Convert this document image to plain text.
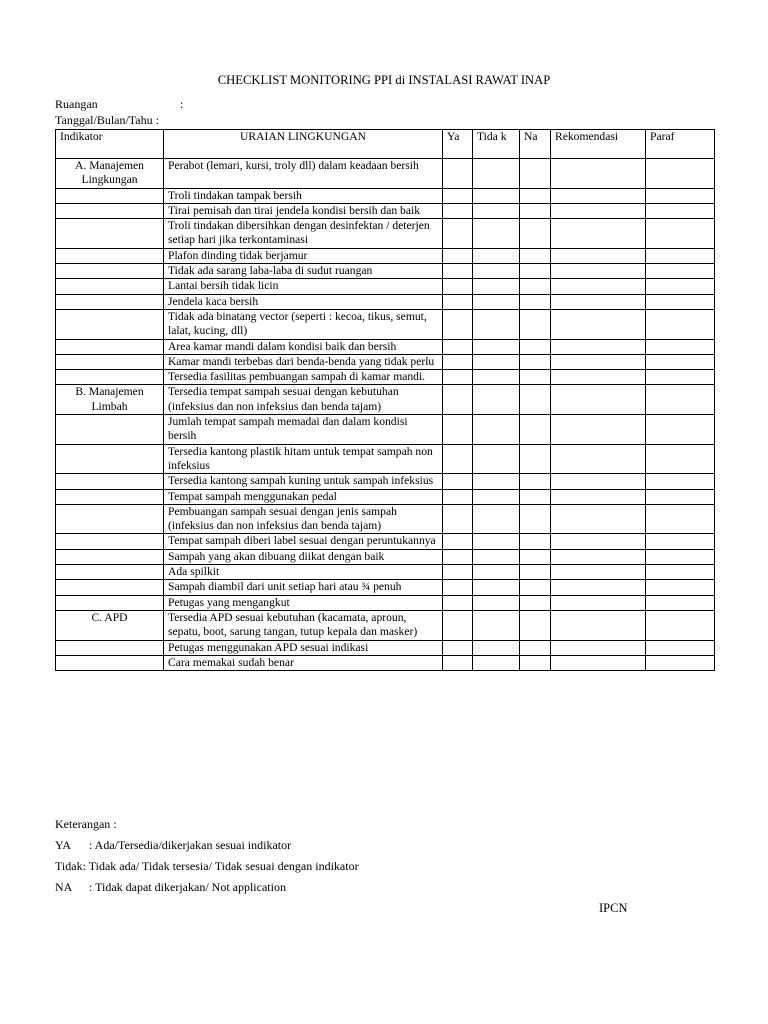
CHECKLIST MONITORING PPI di INSTALASI RAWAT INAP
Ruangan	:
Tanggal/Bulan/Tahu :
Indikator	URAIAN LINGKUNGAN	Ya	Tida k	Na	Rekomendasi	Paraf
A. Manajemen Lingkungan	Perabot (lemari, kursi, troly dll) dalam keadaan bersih					
	Troli tindakan tampak bersih					
	Tirai pemisah dan tirai jendela kondisi bersih dan baik					
	Troli tindakan dibersihkan dengan desinfektan / deterjen setiap hari jika terkontaminasi					
	Plafon dinding tidak berjamur					
	Tidak ada sarang laba-laba di sudut ruangan					
	Lantai bersih tidak licin					
	Jendela kaca bersih					
	Tidak ada binatang vector (seperti : kecoa, tikus, semut, lalat, kucing, dll)					
	Area kamar mandi dalam kondisi baik dan bersih					
	Kamar mandi terbebas dari benda-benda yang tidak perlu					
	Tersedia fasilitas pembuangan sampah di kamar mandi.					
B. Manajemen Limbah	Tersedia tempat sampah sesuai dengan kebutuhan (infeksius dan non infeksius dan benda tajam)					
	Jumlah tempat sampah memadai dan dalam kondisi bersih					
	Tersedia kantong plastik hitam untuk tempat sampah non infeksius					
	Tersedia kantong sampah kuning untuk sampah infeksius					
	Tempat sampah menggunakan pedal					
	Pembuangan sampah sesuai dengan jenis sampah (infeksius dan non infeksius dan benda tajam)					
	Tempat sampah diberi label sesuai dengan peruntukannya					
	Sampah yang akan dibuang diikat dengan baik					
	Ada spilkit					
	Sampah diambil dari unit setiap hari atau ¾ penuh					
	Petugas yang mengangkut					
C. APD	Tersedia APD sesuai kebutuhan (kacamata, aproun, sepatu, boot, sarung tangan, tutup kepala dan masker)					
	Petugas menggunakan APD sesuai indikasi					
	Cara memakai sudah benar					
Keterangan :
YA : Ada/Tersedia/dikerjakan sesuai indikator
Tidak: Tidak ada/ Tidak tersesia/ Tidak sesuai dengan indikator
NA : Tidak dapat dikerjakan/ Not application
IPCN
